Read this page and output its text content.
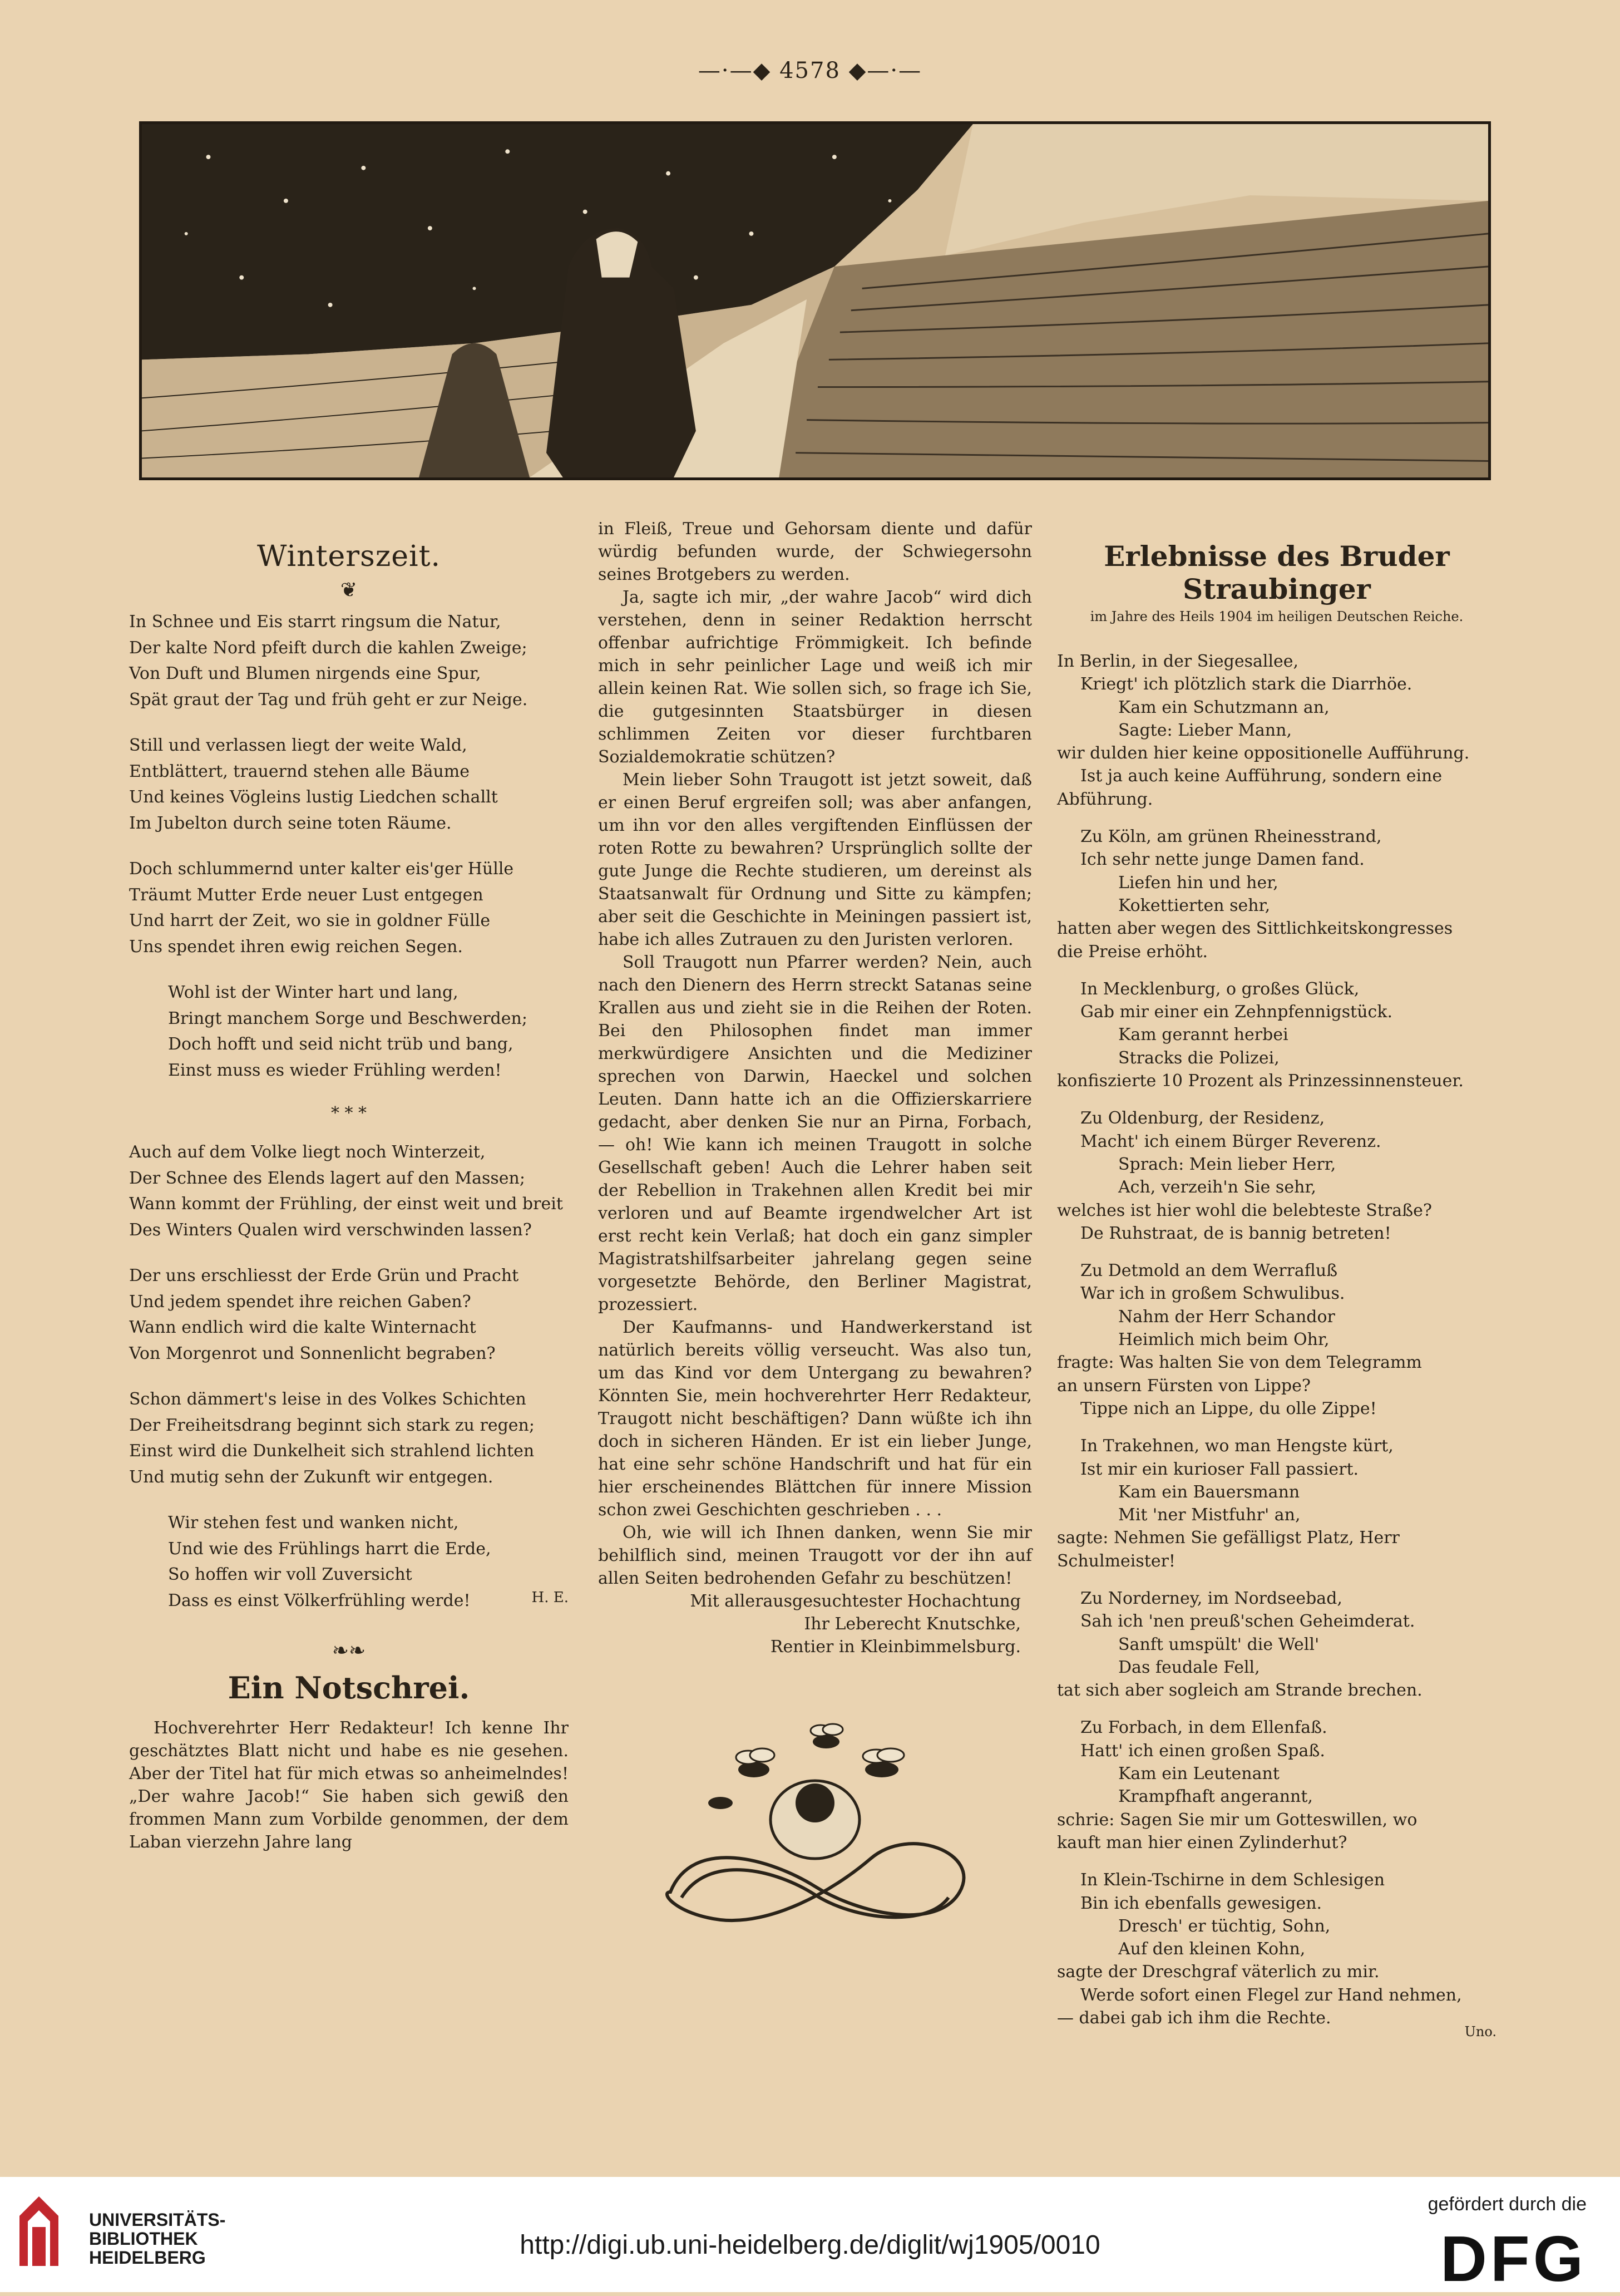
—·—◆ 4578 ◆—·—
Winterszeit.
❦
In Schnee und Eis starrt ringsum die Natur,
Der kalte Nord pfeift durch die kahlen Zweige;
Von Duft und Blumen nirgends eine Spur,
Spät graut der Tag und früh geht er zur Neige.
Still und verlassen liegt der weite Wald,
Entblättert, trauernd stehen alle Bäume
Und keines Vögleins lustig Liedchen schallt
Im Jubelton durch seine toten Räume.
Doch schlummernd unter kalter eis'ger Hülle
Träumt Mutter Erde neuer Lust entgegen
Und harrt der Zeit, wo sie in goldner Fülle
Uns spendet ihren ewig reichen Segen.
Wohl ist der Winter hart und lang,
Bringt manchem Sorge und Beschwerden;
Doch hofft und seid nicht trüb und bang,
Einst muss es wieder Frühling werden!
* * *
Auch auf dem Volke liegt noch Winterzeit,
Der Schnee des Elends lagert auf den Massen;
Wann kommt der Frühling, der einst weit und breit
Des Winters Qualen wird verschwinden lassen?
Der uns erschliesst der Erde Grün und Pracht
Und jedem spendet ihre reichen Gaben?
Wann endlich wird die kalte Winternacht
Von Morgenrot und Sonnenlicht begraben?
Schon dämmert's leise in des Volkes Schichten
Der Freiheitsdrang beginnt sich stark zu regen;
Einst wird die Dunkelheit sich strahlend lichten
Und mutig sehn der Zukunft wir entgegen.
Wir stehen fest und wanken nicht,
Und wie des Frühlings harrt die Erde,
So hoffen wir voll Zuversicht
Dass es einst Völkerfrühling werde!	H. E.
❧❧
Ein Notschrei.

Hochverehrter Herr Redakteur! Ich kenne Ihr geschätztes Blatt nicht und habe es nie gesehen. Aber der Titel hat für mich etwas so anheimelndes! „Der wahre Jacob!“ Sie haben sich gewiß den frommen Mann zum Vorbilde genommen, der dem Laban vierzehn Jahre lang

in Fleiß, Treue und Gehorsam diente und dafür würdig befunden wurde, der Schwiegersohn seines Brotgebers zu werden.

Ja, sagte ich mir, „der wahre Jacob“ wird dich verstehen, denn in seiner Redaktion herrscht offenbar aufrichtige Frömmigkeit. Ich befinde mich in sehr peinlicher Lage und weiß ich mir allein keinen Rat. Wie sollen sich, so frage ich Sie, die gutgesinnten Staatsbürger in diesen schlimmen Zeiten vor dieser furchtbaren Sozialdemokratie schützen?

Mein lieber Sohn Traugott ist jetzt soweit, daß er einen Beruf ergreifen soll; was aber anfangen, um ihn vor den alles vergiftenden Einflüssen der roten Rotte zu bewahren? Ursprünglich sollte der gute Junge die Rechte studieren, um dereinst als Staatsanwalt für Ordnung und Sitte zu kämpfen; aber seit die Geschichte in Meiningen passiert ist, habe ich alles Zutrauen zu den Juristen verloren.

Soll Traugott nun Pfarrer werden? Nein, auch nach den Dienern des Herrn streckt Satanas seine Krallen aus und zieht sie in die Reihen der Roten. Bei den Philosophen findet man immer merkwürdigere Ansichten und die Mediziner sprechen von Darwin, Haeckel und solchen Leuten. Dann hatte ich an die Offizierskarriere gedacht, aber denken Sie nur an Pirna, Forbach, — oh! Wie kann ich meinen Traugott in solche Gesellschaft geben! Auch die Lehrer haben seit der Rebellion in Trakehnen allen Kredit bei mir verloren und auf Beamte irgendwelcher Art ist erst recht kein Verlaß; hat doch ein ganz simpler Magistratshilfsarbeiter jahrelang gegen seine vorgesetzte Behörde, den Berliner Magistrat, prozessiert.

Der Kaufmanns- und Handwerkerstand ist natürlich bereits völlig verseucht. Was also tun, um das Kind vor dem Untergang zu bewahren? Könnten Sie, mein hochverehrter Herr Redakteur, Traugott nicht beschäftigen? Dann wüßte ich ihn doch in sicheren Händen. Er ist ein lieber Junge, hat eine sehr schöne Handschrift und hat für ein hier erscheinendes Blättchen für innere Mission schon zwei Geschichten geschrieben . . .

Oh, wie will ich Ihnen danken, wenn Sie mir behilflich sind, meinen Traugott vor der ihn auf allen Seiten bedrohenden Gefahr zu beschützen!

Mit allerausgesuchtester Hochachtung
Ihr Leberecht Knutschke,
Rentier in Kleinbimmelsburg.
Erlebnisse des Bruder Straubinger
im Jahre des Heils 1904 im heiligen Deutschen Reiche.
In Berlin, in der Siegesallee,
Kriegt' ich plötzlich stark die Diarrhöe.
Kam ein Schutzmann an,
Sagte: Lieber Mann,
wir dulden hier keine oppositionelle Aufführung.
Ist ja auch keine Aufführung, sondern eine
Abführung.
Zu Köln, am grünen Rheinesstrand,
Ich sehr nette junge Damen fand.
Liefen hin und her,
Kokettierten sehr,
hatten aber wegen des Sittlichkeitskongresses
die Preise erhöht.
In Mecklenburg, o großes Glück,
Gab mir einer ein Zehnpfennigstück.
Kam gerannt herbei
Stracks die Polizei,
konfiszierte 10 Prozent als Prinzessinnensteuer.
Zu Oldenburg, der Residenz,
Macht' ich einem Bürger Reverenz.
Sprach: Mein lieber Herr,
Ach, verzeih'n Sie sehr,
welches ist hier wohl die belebteste Straße?
De Ruhstraat, de is bannig betreten!
Zu Detmold an dem Werrafluß
War ich in großem Schwulibus.
Nahm der Herr Schandor
Heimlich mich beim Ohr,
fragte: Was halten Sie von dem Telegramm
an unsern Fürsten von Lippe?
Tippe nich an Lippe, du olle Zippe!
In Trakehnen, wo man Hengste kürt,
Ist mir ein kurioser Fall passiert.
Kam ein Bauersmann
Mit 'ner Mistfuhr' an,
sagte: Nehmen Sie gefälligst Platz, Herr
Schulmeister!
Zu Norderney, im Nordseebad,
Sah ich 'nen preuß'schen Geheimderat.
Sanft umspült' die Well'
Das feudale Fell,
tat sich aber sogleich am Strande brechen.
Zu Forbach, in dem Ellenfaß.
Hatt' ich einen großen Spaß.
Kam ein Leutenant
Krampfhaft angerannt,
schrie: Sagen Sie mir um Gotteswillen, wo
kauft man hier einen Zylinderhut?
In Klein-Tschirne in dem Schlesigen
Bin ich ebenfalls gewesigen.
Dresch' er tüchtig, Sohn,
Auf den kleinen Kohn,
sagte der Dreschgraf väterlich zu mir.
Werde sofort einen Flegel zur Hand nehmen,
— dabei gab ich ihm die Rechte.
Uno.
UNIVERSITÄTS-
BIBLIOTHEK
HEIDELBERG	http://digi.ub.uni-heidelberg.de/diglit/wj1905/0010
gefördert durch die
DFG
